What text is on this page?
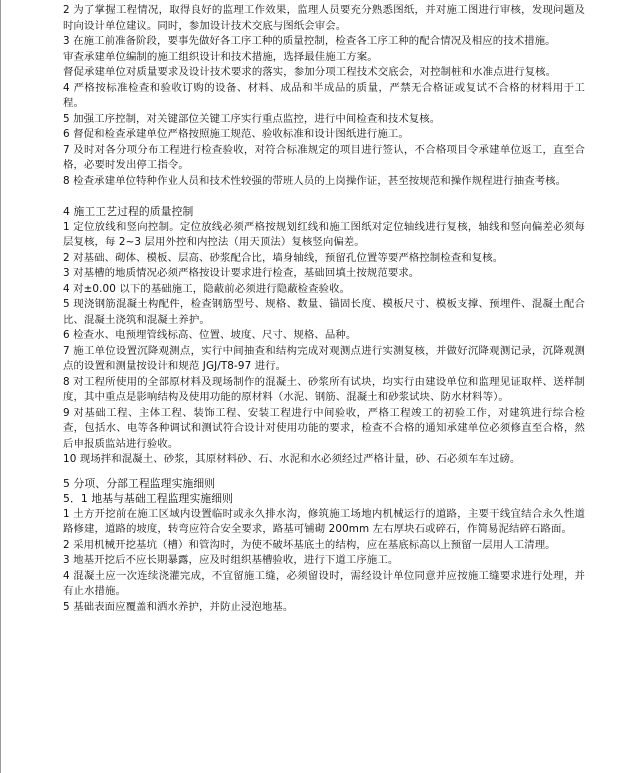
2 为了掌握工程情况，取得良好的监理工作效果，监理人员要充分熟悉图纸，并对施工图进行审核，发现问题及时向设计单位建议。同时，参加设计技术交底与图纸会审会。
3 在施工前准备阶段，要事先做好各工序工种的质量控制，检查各工序工种的配合情况及相应的技术措施。
审查承建单位编制的施工组织设计和技术措施，选择最佳施工方案。
督促承建单位对质量要求及设计技术要求的落实，参加分项工程技术交底会，对控制桩和水准点进行复核。
4 严格按标准检查和验收订购的设备、材料、成品和半成品的质量，严禁无合格证或复试不合格的材料用于工程。
5 加强工序控制，对关键部位关键工序实行重点监控，进行中间检查和技术复核。
6 督促和检查承建单位严格按照施工规范、验收标准和设计图纸进行施工。
7 及时对各分项分布工程进行检查验收，对符合标准规定的项目进行签认，不合格项目令承建单位返工，直至合格，必要时发出停工指令。
8 检查承建单位特种作业人员和技术性较强的带班人员的上岗操作证，甚至按规范和操作规程进行抽查考核。
4 施工工艺过程的质量控制
1 定位放线和竖向控制。定位放线必须严格按规划红线和施工图纸对定位轴线进行复核，轴线和竖向偏差必须每层复核，每 2~3 层用外控和内控法（用天顶法）复核竖向偏差。
2 对基础、砌体、模板、层高、砂浆配合比，墙身轴线，预留孔位置等要严格控制检查和复核。
3 对基槽的地质情况必须严格按设计要求进行检查，基础回填土按规范要求。
4 对±0.00 以下的基础施工，隐蔽前必须进行隐蔽检查验收。
5 现浇钢筋混凝土构配件，检查钢筋型号、规格、数量、锚固长度、模板尺寸、模板支撑、预埋件、混凝土配合比、混凝土浇筑和混凝土养护。
6 检查水、电预埋管线标高、位置、坡度、尺寸、规格、品种。
7 施工单位设置沉降观测点，实行中间抽查和结构完成对观测点进行实测复核，并做好沉降观测记录，沉降观测点的设置和测量按设计和规范 JGJ/T8-97 进行。
8 对工程所使用的全部原材料及现场制作的混凝土、砂浆所有试块，均实行由建设单位和监理见证取样、送样制度，其中重点是影响结构及使用功能的原材料（水泥、钢筋、混凝土和砂浆试块、防水材料等）。
9 对基础工程、主体工程、装饰工程、安装工程进行中间验收，严格工程竣工的初验工作，对建筑进行综合检查，包括水、电等各种调试和测试符合设计对使用功能的要求，检查不合格的通知承建单位必须修直至合格，然后申报质监站进行验收。
10 现场拌和混凝土、砂浆，其原材料砂、石、水泥和水必须经过严格计量，砂、石必须车车过磅。
5 分项、分部工程监理实施细则
5．1 地基与基础工程监理实施细则
1 土方开挖前在施工区域内设置临时或永久排水沟，修筑施工场地内机械运行的道路，主要干线宜结合永久性道路修建，道路的坡度，转弯应符合安全要求，路基可铺砌 200mm 左右厚块石或碎石，作简易泥结碎石路面。
2 采用机械开挖基坑（槽）和管沟时，为使不破坏基底土的结构，应在基底标高以上预留一层用人工清理。
3 地基开挖后不应长期暴露，应及时组织基槽验收，进行下道工序施工。
4 混凝土应一次连续浇灌完成，不宜留施工缝，必须留设时，需经设计单位同意并应按施工缝要求进行处理，并有止水措施。
5 基础表面应覆盖和洒水养护，并防止浸泡地基。
